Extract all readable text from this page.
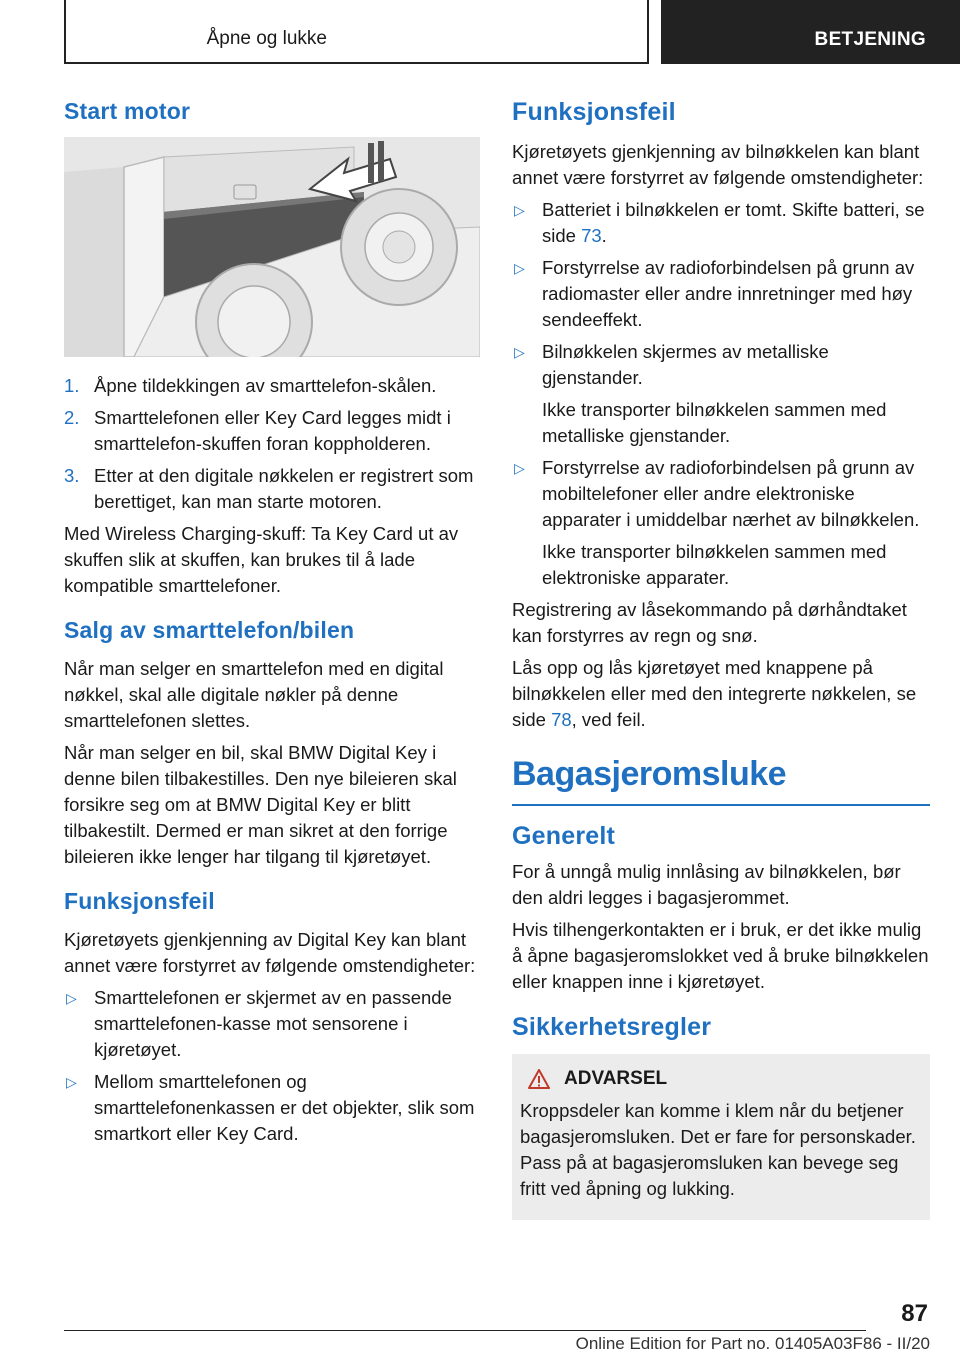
Åpne og lukke	BETJENING
Start motor
1. Åpne tildekkingen av smarttelefon-skålen.
2. Smarttelefonen eller Key Card legges midt i smarttelefon-skuffen foran koppholderen.
3. Etter at den digitale nøkkelen er registrert som berettiget, kan man starte motoren.

Med Wireless Charging-skuff: Ta Key Card ut av skuffen slik at skuffen, kan brukes til å lade kompatible smarttelefoner.

Salg av smarttelefon/bilen

Når man selger en smarttelefon med en digital nøkkel, skal alle digitale nøkler på denne smarttelefonen slettes.

Når man selger en bil, skal BMW Digital Key i denne bilen tilbakestilles. Den nye bileieren skal forsikre seg om at BMW Digital Key er blitt tilbakestilt. Dermed er man sikret at den forrige bileieren ikke lenger har tilgang til kjøretøyet.

Funksjonsfeil

Kjøretøyets gjenkjenning av Digital Key kan blant annet være forstyrret av følgende omstendigheter:

▷ Smarttelefonen er skjermet av en passende smarttelefonen-kasse mot sensorene i kjøretøyet.
▷ Mellom smarttelefonen og smarttelefonenkassen er det objekter, slik som smartkort eller Key Card.
Funksjonsfeil

Kjøretøyets gjenkjenning av bilnøkkelen kan blant annet være forstyrret av følgende omstendigheter:

▷ Batteriet i bilnøkkelen er tomt. Skifte batteri, se side 73.
▷ Forstyrrelse av radioforbindelsen på grunn av radiomaster eller andre innretninger med høy sendeeffekt.
▷ Bilnøkkelen skjermes av metalliske gjenstander.

Ikke transporter bilnøkkelen sammen med metalliske gjenstander.

▷ Forstyrrelse av radioforbindelsen på grunn av mobiltelefoner eller andre elektroniske apparater i umiddelbar nærhet av bilnøkkelen.

Ikke transporter bilnøkkelen sammen med elektroniske apparater.

Registrering av låsekommando på dørhåndtaket kan forstyrres av regn og snø.

Lås opp og lås kjøretøyet med knappene på bilnøkkelen eller med den integrerte nøkkelen, se side 78, ved feil.

Bagasjeromsluke
Generelt

For å unngå mulig innlåsing av bilnøkkelen, bør den aldri legges i bagasjerommet.

Hvis tilhengerkontakten er i bruk, er det ikke mulig å åpne bagasjeromslokket ved å bruke bilnøkkelen eller knappen inne i kjøretøyet.

Sikkerhetsregler
ADVARSEL

Kroppsdeler kan komme i klem når du betjener bagasjeromsluken. Det er fare for personskader. Pass på at bagasjeromsluken kan bevege seg fritt ved åpning og lukking.

87
Online Edition for Part no. 01405A03F86 - II/20
